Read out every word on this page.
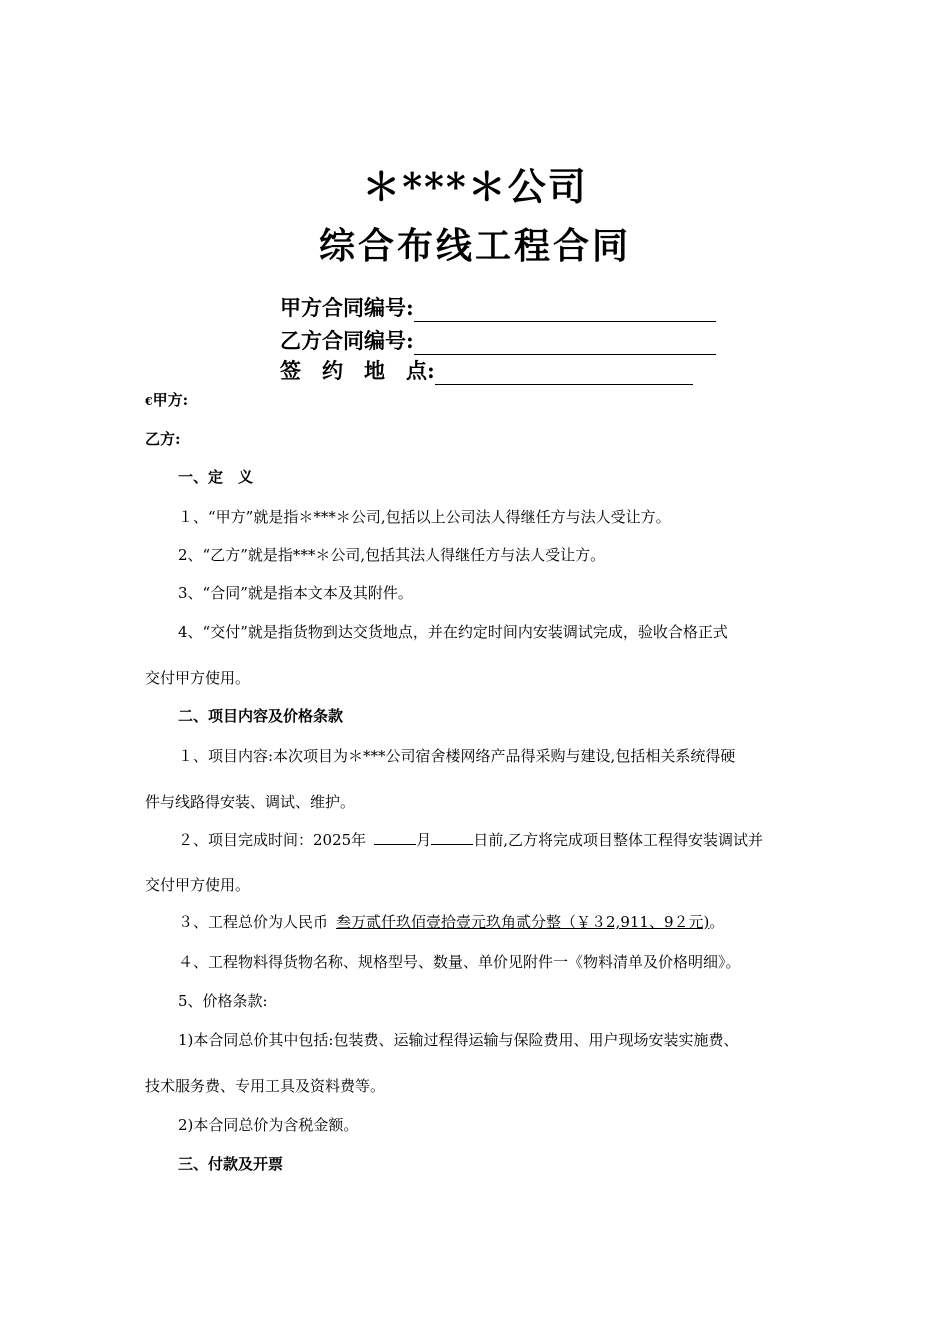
＊***＊公司
综合布线工程合同
甲方合同编号:
乙方合同编号:
签　约　地　点:
€甲方:
乙方:
一、定　义
１、“甲方”就是指＊***＊公司,包括以上公司法人得继任方与法人受让方。
2、“乙方”就是指***＊公司,包括其法人得继任方与法人受让方。
3、“合同”就是指本文本及其附件。
4、“交付”就是指货物到达交货地点，并在约定时间内安装调试完成，验收合格正式
交付甲方使用。
二、项目内容及价格条款
１、项目内容:本次项目为＊***公司宿舍楼网络产品得采购与建设,包括相关系统得硬
件与线路得安装、调试、维护。
２、项目完成时间：2025年	月	日前,乙方将完成项目整体工程得安装调试并
交付甲方使用。
３、工程总价为人民币 叁万贰仟玖佰壹拾壹元玖角贰分整（￥３2,911、9２元)。
４、工程物料得货物名称、规格型号、数量、单价见附件一《物料清单及价格明细》。
5、价格条款:
1)本合同总价其中包括:包装费、运输过程得运输与保险费用、用户现场安装实施费、
技术服务费、专用工具及资料费等。
2)本合同总价为含税金额。
三、付款及开票
